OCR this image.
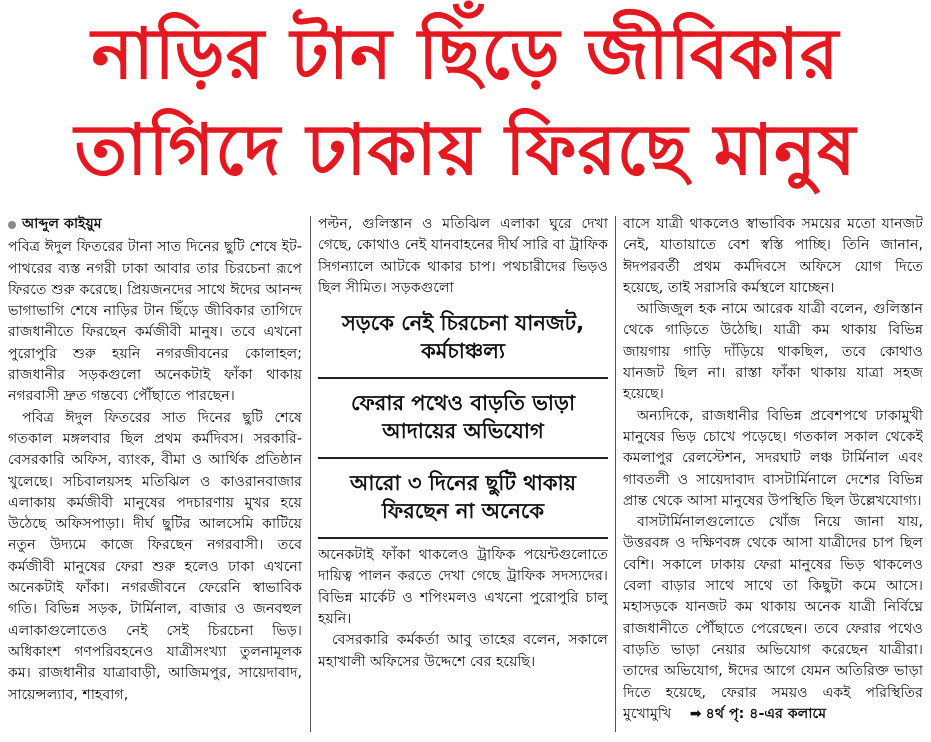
নাড়ির টান ছিঁড়ে জীবিকার
তাগিদে ঢাকায় ফিরছে মানুষ
আব্দুল কাইয়ুম

পবিত্র ঈদুল ফিতরের টানা সাত দিনের ছুটি শেষে ইট-পাথরের ব্যস্ত নগরী ঢাকা আবার তার চিরচেনা রূপে ফিরতে শুরু করেছে। প্রিয়জনদের সাথে ঈদের আনন্দ ভাগাভাগি শেষে নাড়ির টান ছিঁড়ে জীবিকার তাগিদে রাজধানীতে ফিরছেন কর্মজীবী মানুষ। তবে এখনো পুরোপুরি শুরু হয়নি নগরজীবনের কোলাহল; রাজধানীর সড়কগুলো অনেকটাই ফাঁকা থাকায় নগরবাসী দ্রুত গন্তব্যে পৌঁছাতে পারছেন।

পবিত্র ঈদুল ফিতরের সাত দিনের ছুটি শেষে গতকাল মঙ্গলবার ছিল প্রথম কর্মদিবস। সরকারি-বেসরকারি অফিস, ব্যাংক, বীমা ও আর্থিক প্রতিষ্ঠান খুলেছে। সচিবালয়সহ মতিঝিল ও কাওরানবাজার এলাকায় কর্মজীবী মানুষের পদচারণায় মুখর হয়ে উঠেছে অফিসপাড়া। দীর্ঘ ছুটির আলসেমি কাটিয়ে নতুন উদ্যমে কাজে ফিরছেন নগরবাসী। তবে কর্মজীবী মানুষের ফেরা শুরু হলেও ঢাকা এখনো অনেকটাই ফাঁকা। নগরজীবনে ফেরেনি স্বাভাবিক গতি। বিভিন্ন সড়ক, টার্মিনাল, বাজার ও জনবহুল এলাকাগুলোতেও নেই সেই চিরচেনা ভিড়। অধিকাংশ গণপরিবহনেও যাত্রীসংখ্যা তুলনামূলক কম। রাজধানীর যাত্রাবাড়ী, আজিমপুর, সায়েদাবাদ, সায়েন্সল্যাব, শাহবাগ,

পল্টন, গুলিস্তান ও মতিঝিল এলাকা ঘুরে দেখা গেছে, কোথাও নেই যানবাহনের দীর্ঘ সারি বা ট্রাফিক সিগন্যালে আটকে থাকার চাপ। পথচারীদের ভিড়ও ছিল সীমিত। সড়কগুলো

সড়কে নেই চিরচেনা যানজট, কর্মচাঞ্চল্য
ফেরার পথেও বাড়তি ভাড়া আদায়ের অভিযোগ
আরো ৩ দিনের ছুটি থাকায় ফিরছেন না অনেকে

অনেকটাই ফাঁকা থাকলেও ট্রাফিক পয়েন্টগুলোতে দায়িত্ব পালন করতে দেখা গেছে ট্রাফিক সদস্যদের। বিভিন্ন মার্কেট ও শপিংমলও এখনো পুরোপুরি চালু হয়নি।

বেসরকারি কর্মকর্তা আবু তাহের বলেন, সকালে মহাখালী অফিসের উদ্দেশে বের হয়েছি।

বাসে যাত্রী থাকলেও স্বাভাবিক সময়ের মতো যানজট নেই, যাতায়াতে বেশ স্বস্তি পাচ্ছি। তিনি জানান, ঈদপরবর্তী প্রথম কর্মদিবসে অফিসে যোগ দিতে হয়েছে, তাই সরাসরি কর্মস্থলে যাচ্ছেন।

আজিজুল হক নামে আরেক যাত্রী বলেন, গুলিস্তান থেকে গাড়িতে উঠেছি। যাত্রী কম থাকায় বিভিন্ন জায়গায় গাড়ি দাঁড়িয়ে থাকছিল, তবে কোথাও যানজট ছিল না। রাস্তা ফাঁকা থাকায় যাত্রা সহজ হয়েছে।

অন্যদিকে, রাজধানীর বিভিন্ন প্রবেশপথে ঢাকামুখী মানুষের ভিড় চোখে পড়েছে। গতকাল সকাল থেকেই কমলাপুর রেলস্টেশন, সদরঘাট লঞ্চ টার্মিনাল এবং গাবতলী ও সায়েদাবাদ বাসটার্মিনালে দেশের বিভিন্ন প্রান্ত থেকে আসা মানুষের উপস্থিতি ছিল উল্লেখযোগ্য।

বাসটার্মিনালগুলোতে খোঁজ নিয়ে জানা যায়, উত্তরবঙ্গ ও দক্ষিণবঙ্গ থেকে আসা যাত্রীদের চাপ ছিল বেশি। সকালে ঢাকায় ফেরা মানুষের ভিড় থাকলেও বেলা বাড়ার সাথে সাথে তা কিছুটা কমে আসে। মহাসড়কে যানজট কম থাকায় অনেক যাত্রী নির্বিঘ্নে রাজধানীতে পৌঁছাতে পেরেছেন। তবে ফেরার পথেও বাড়তি ভাড়া নেয়ার অভিযোগ করেছেন যাত্রীরা। তাদের অভিযোগ, ঈদের আগে যেমন অতিরিক্ত ভাড়া দিতে হয়েছে, ফেরার সময়ও একই পরিস্থিতির মুখোমুখি ➡ ৪র্থ পৃ: ৪-এর কলামে
